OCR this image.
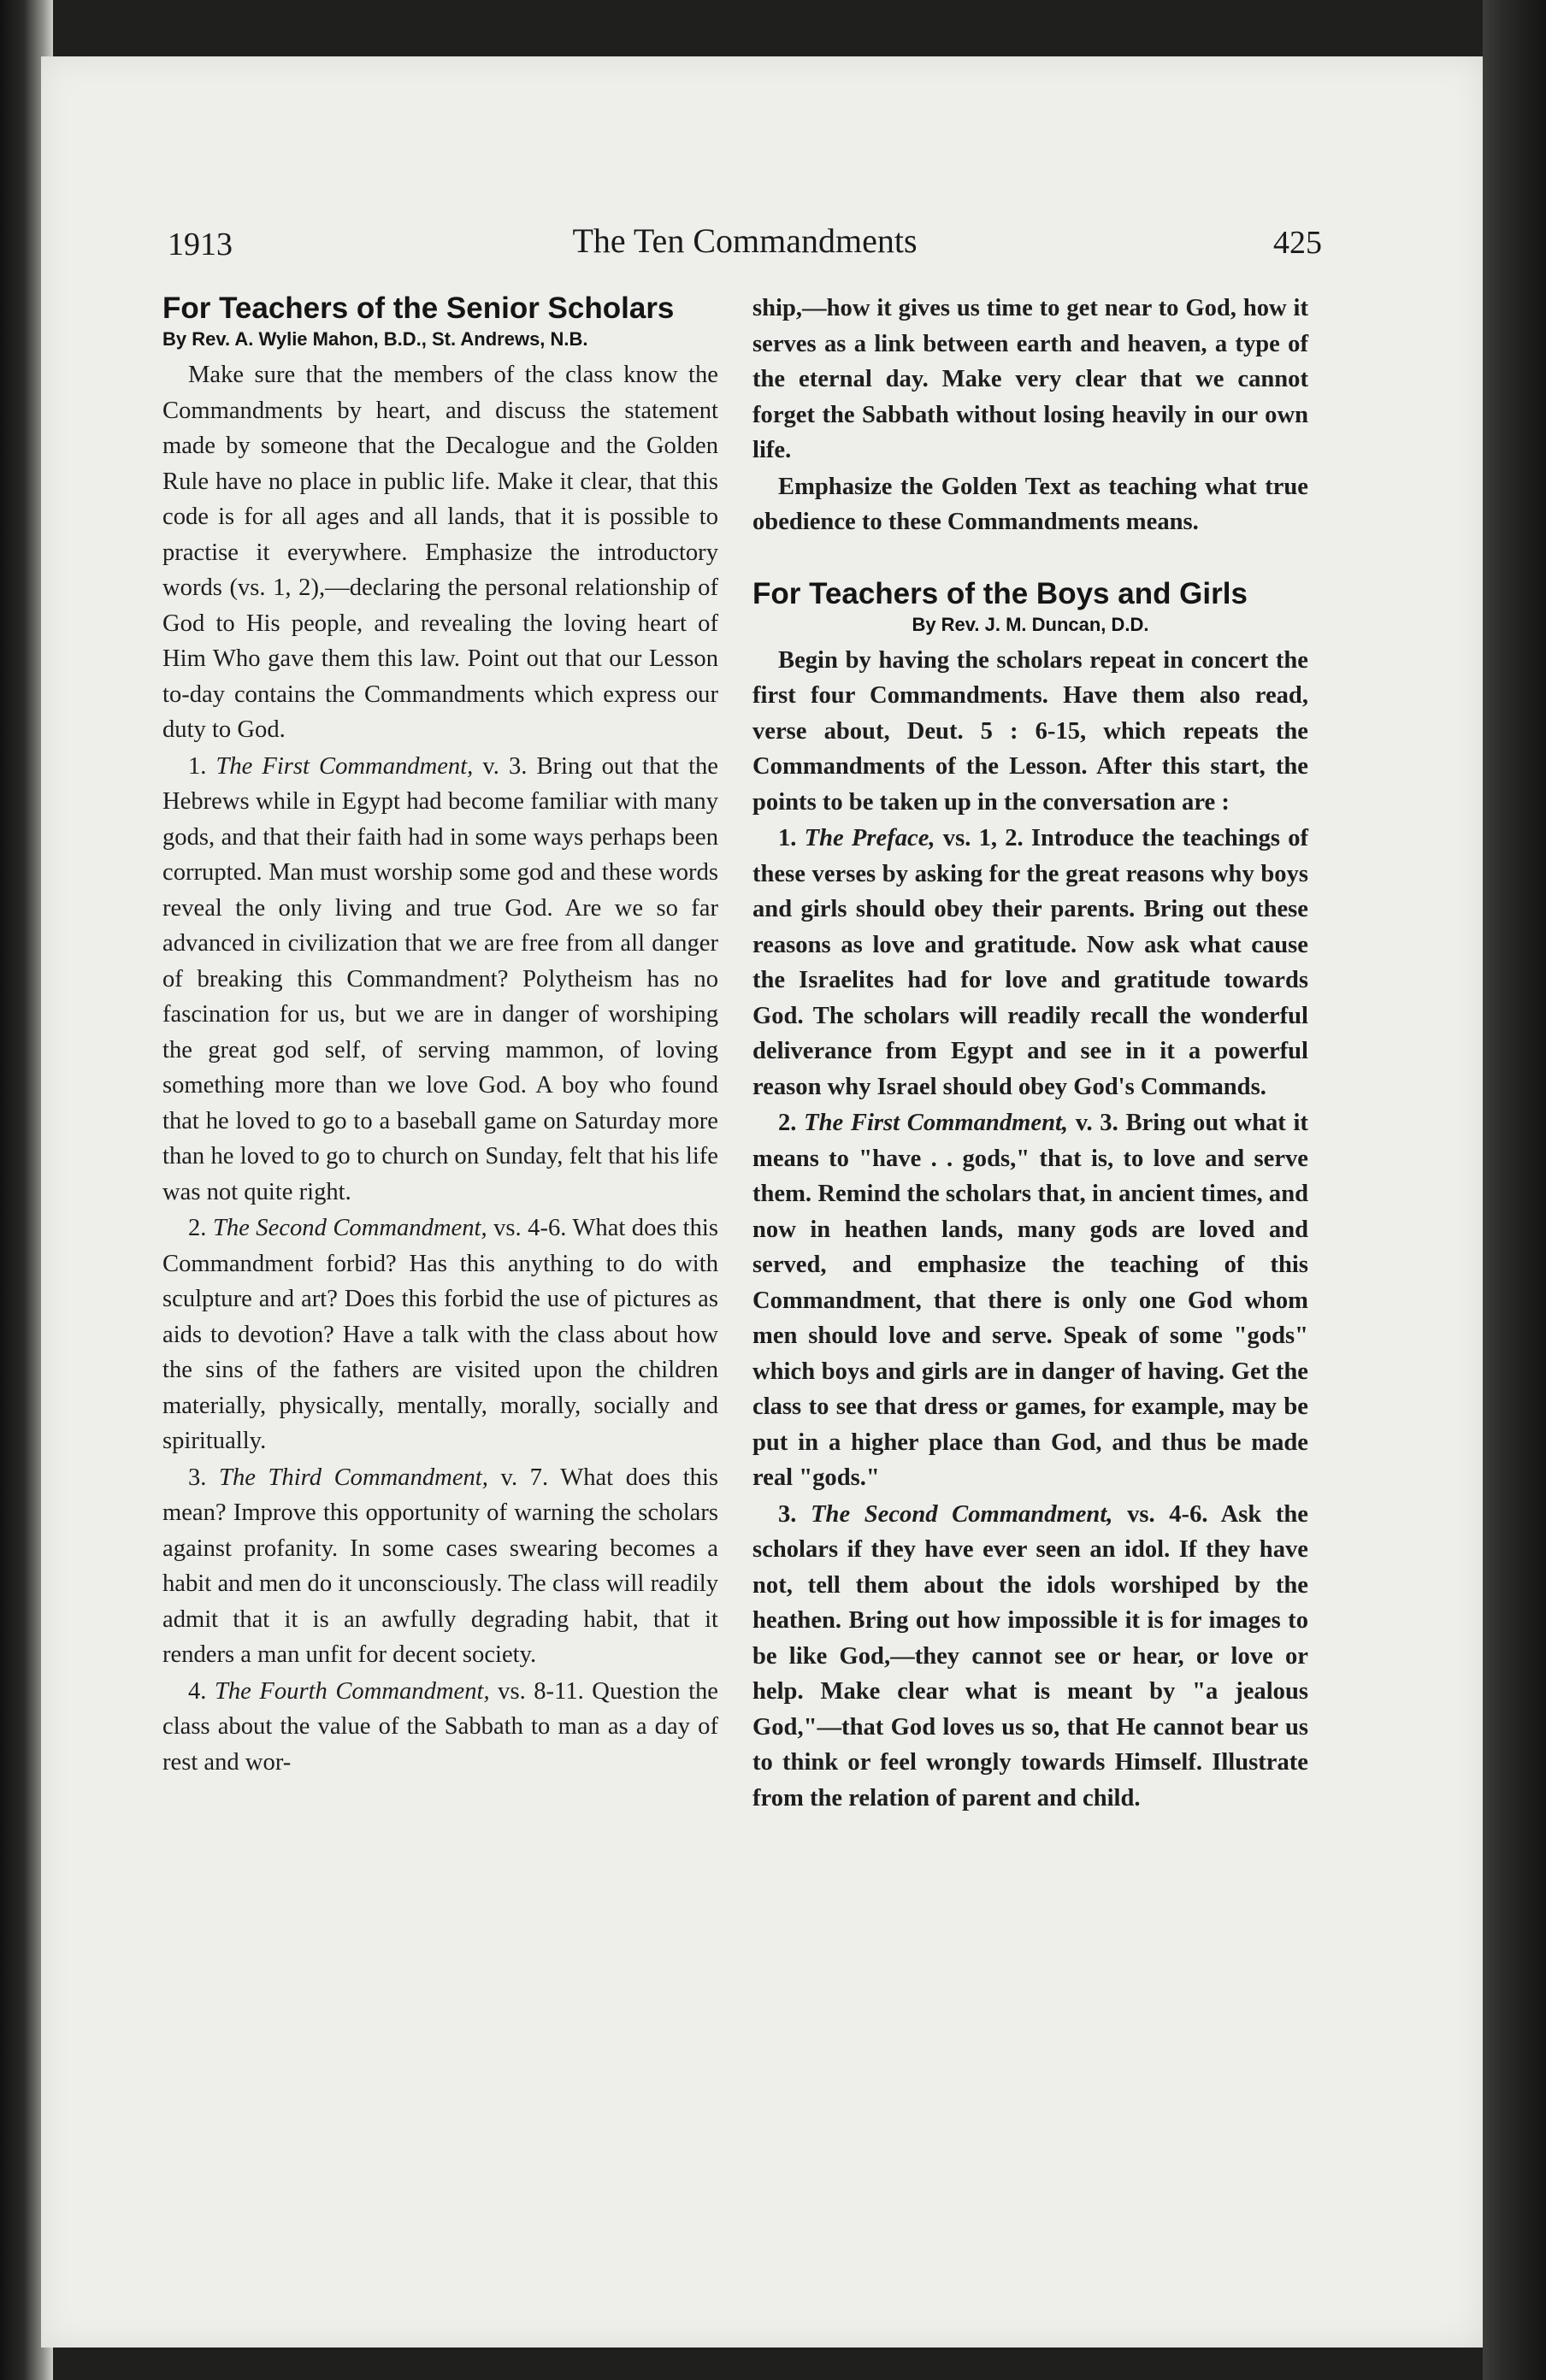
1913	The Ten Commandments	425
For Teachers of the Senior Scholars
By Rev. A. Wylie Mahon, B.D., St. Andrews, N.B.

Make sure that the members of the class know the Commandments by heart, and discuss the statement made by someone that the Decalogue and the Golden Rule have no place in public life. Make it clear, that this code is for all ages and all lands, that it is possible to practise it everywhere. Emphasize the introductory words (vs. 1, 2),—declaring the personal relationship of God to His people, and revealing the loving heart of Him Who gave them this law. Point out that our Lesson to-day contains the Commandments which express our duty to God.

1. The First Commandment, v. 3. Bring out that the Hebrews while in Egypt had become familiar with many gods, and that their faith had in some ways perhaps been corrupted. Man must worship some god and these words reveal the only living and true God. Are we so far advanced in civilization that we are free from all danger of breaking this Commandment? Polytheism has no fascination for us, but we are in danger of worshiping the great god self, of serving mammon, of loving something more than we love God. A boy who found that he loved to go to a baseball game on Saturday more than he loved to go to church on Sunday, felt that his life was not quite right.

2. The Second Commandment, vs. 4-6. What does this Commandment forbid? Has this anything to do with sculpture and art? Does this forbid the use of pictures as aids to devotion? Have a talk with the class about how the sins of the fathers are visited upon the children materially, physically, mentally, morally, socially and spiritually.

3. The Third Commandment, v. 7. What does this mean? Improve this opportunity of warning the scholars against profanity. In some cases swearing becomes a habit and men do it unconsciously. The class will readily admit that it is an awfully degrading habit, that it renders a man unfit for decent society.

4. The Fourth Commandment, vs. 8-11. Question the class about the value of the Sabbath to man as a day of rest and wor-

ship,—how it gives us time to get near to God, how it serves as a link between earth and heaven, a type of the eternal day. Make very clear that we cannot forget the Sabbath without losing heavily in our own life.

Emphasize the Golden Text as teaching what true obedience to these Commandments means.

For Teachers of the Boys and Girls
By Rev. J. M. Duncan, D.D.

Begin by having the scholars repeat in concert the first four Commandments. Have them also read, verse about, Deut. 5 : 6-15, which repeats the Commandments of the Lesson. After this start, the points to be taken up in the conversation are :

1. The Preface, vs. 1, 2. Introduce the teachings of these verses by asking for the great reasons why boys and girls should obey their parents. Bring out these reasons as love and gratitude. Now ask what cause the Israelites had for love and gratitude towards God. The scholars will readily recall the wonderful deliverance from Egypt and see in it a powerful reason why Israel should obey God's Commands.

2. The First Commandment, v. 3. Bring out what it means to "have . . gods," that is, to love and serve them. Remind the scholars that, in ancient times, and now in heathen lands, many gods are loved and served, and emphasize the teaching of this Commandment, that there is only one God whom men should love and serve. Speak of some "gods" which boys and girls are in danger of having. Get the class to see that dress or games, for example, may be put in a higher place than God, and thus be made real "gods."

3. The Second Commandment, vs. 4-6. Ask the scholars if they have ever seen an idol. If they have not, tell them about the idols worshiped by the heathen. Bring out how impossible it is for images to be like God,—they cannot see or hear, or love or help. Make clear what is meant by "a jealous God,"—that God loves us so, that He cannot bear us to think or feel wrongly towards Himself. Illustrate from the relation of parent and child.
